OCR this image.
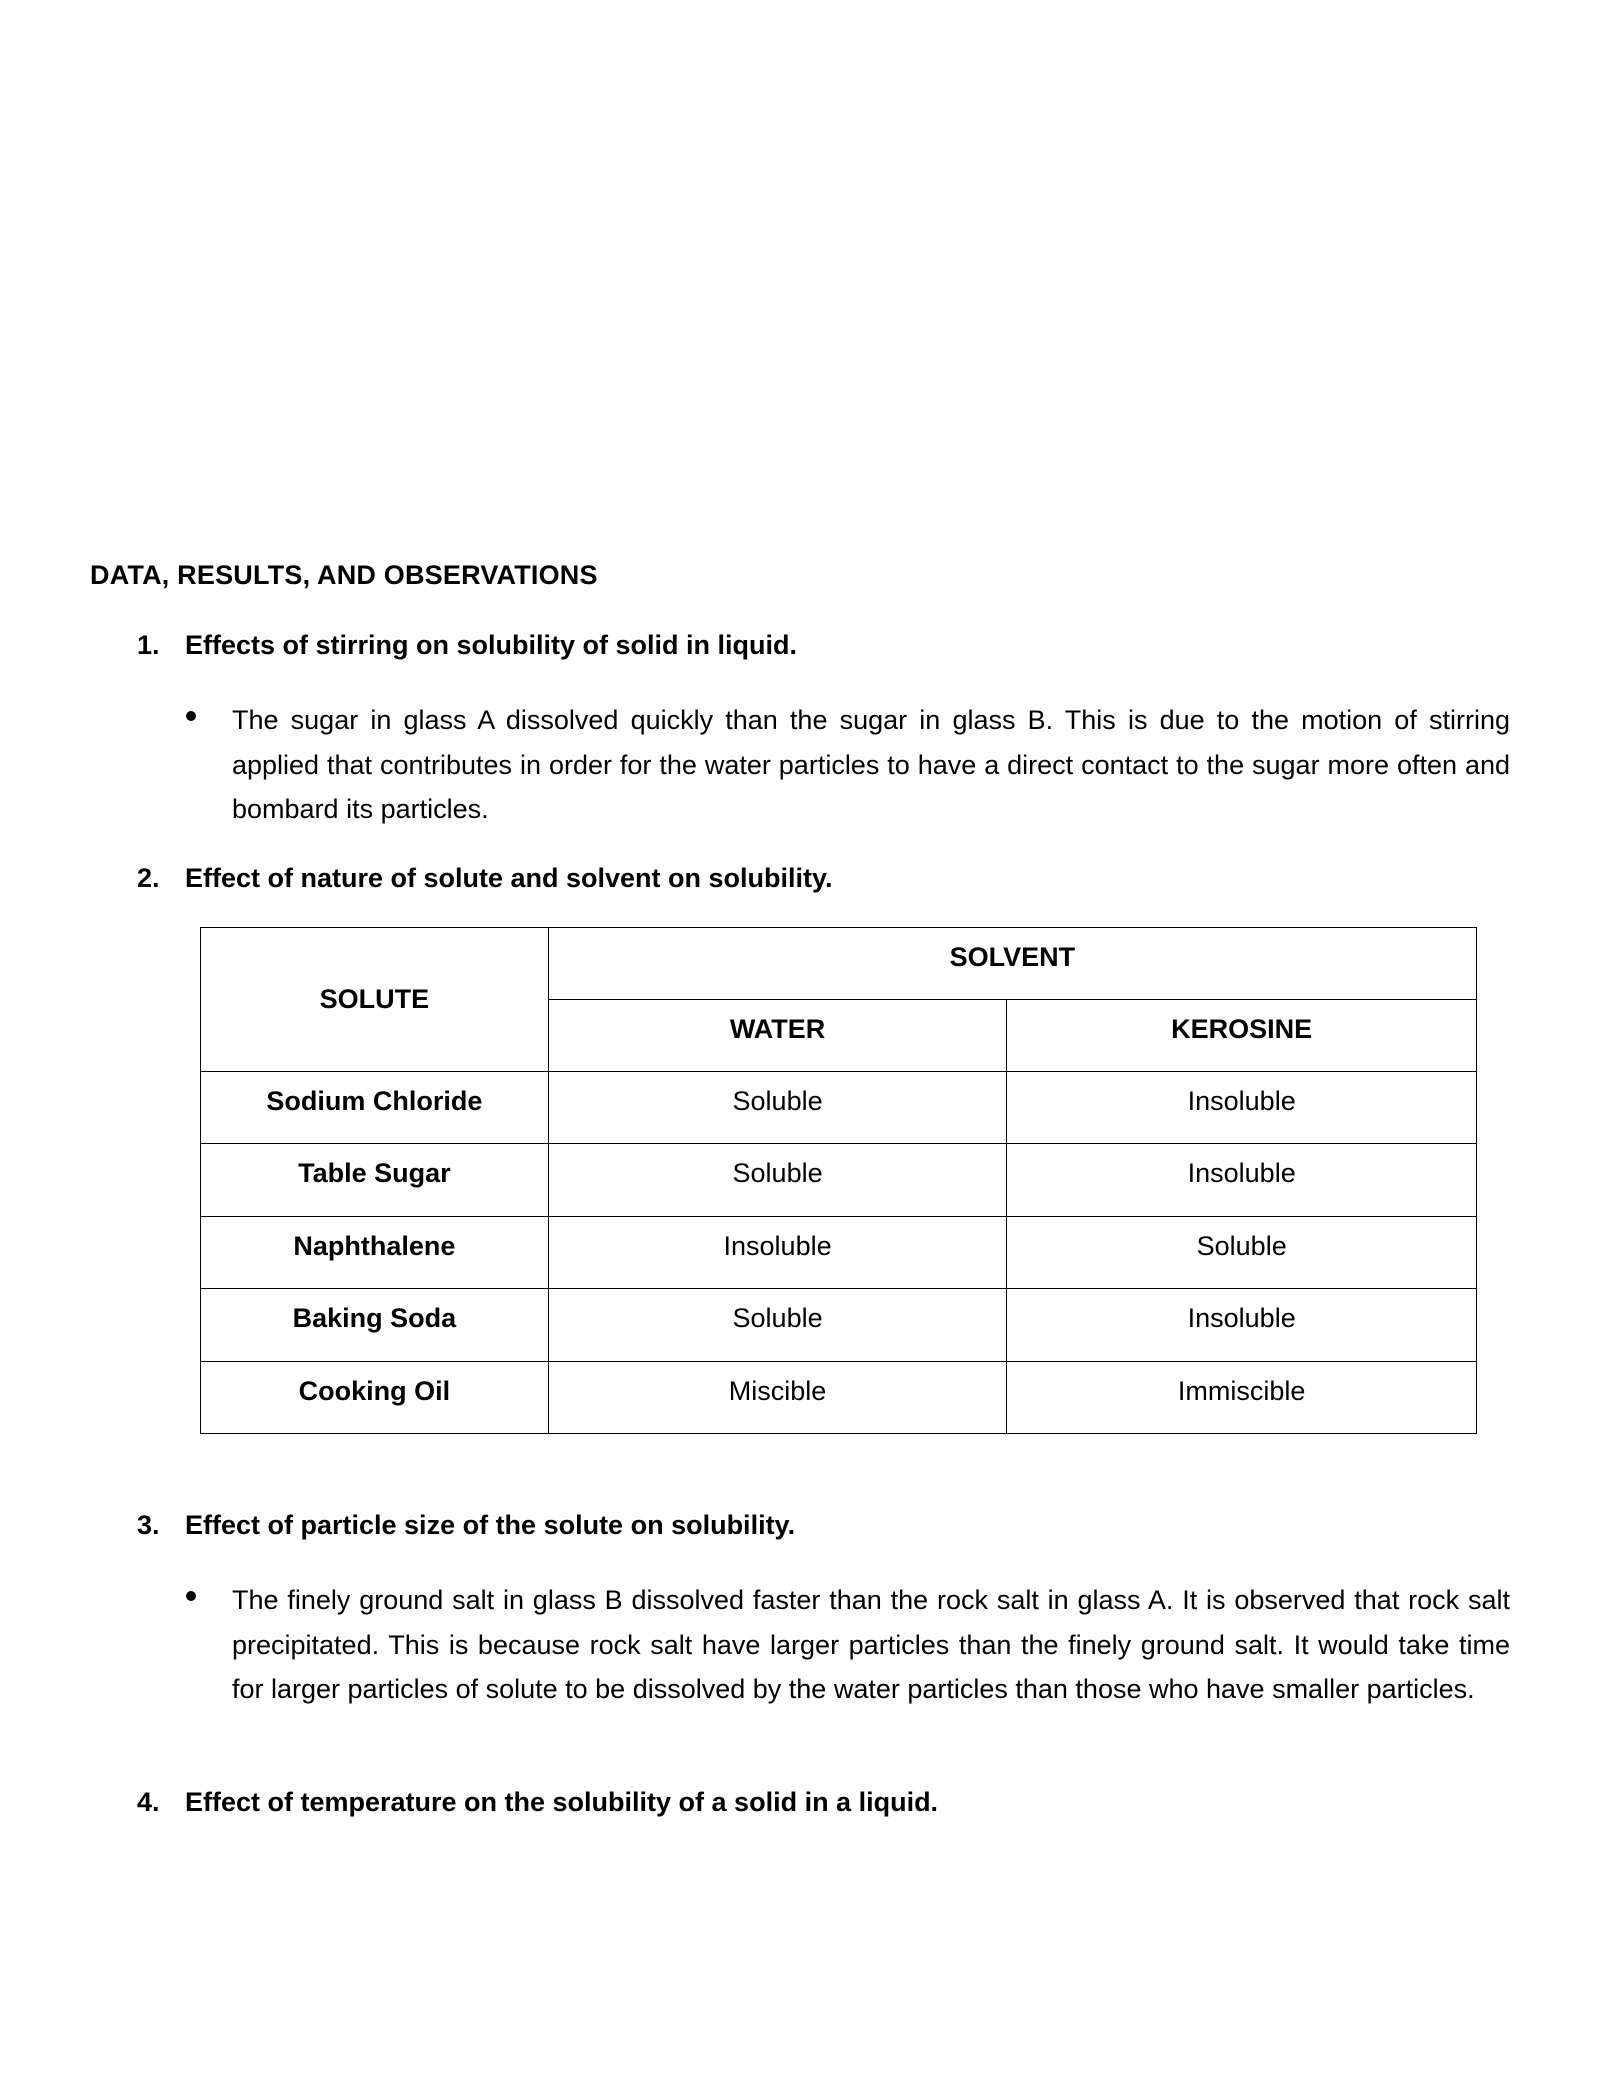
DATA, RESULTS, AND OBSERVATIONS
1. Effects of stirring on solubility of solid in liquid.
The sugar in glass A dissolved quickly than the sugar in glass B. This is due to the motion of stirring applied that contributes in order for the water particles to have a direct contact to the sugar more often and bombard its particles.
2. Effect of nature of solute and solvent on solubility.
SOLUTE	SOLVENT	
	WATER	KEROSINE
Sodium Chloride	Soluble	Insoluble
Table Sugar	Soluble	Insoluble
Naphthalene	Insoluble	Soluble
Baking Soda	Soluble	Insoluble
Cooking Oil	Miscible	Immiscible
3. Effect of particle size of the solute on solubility.
The finely ground salt in glass B dissolved faster than the rock salt in glass A. It is observed that rock salt precipitated. This is because rock salt have larger particles than the finely ground salt. It would take time for larger particles of solute to be dissolved by the water particles than those who have smaller particles.
4. Effect of temperature on the solubility of a solid in a liquid.
